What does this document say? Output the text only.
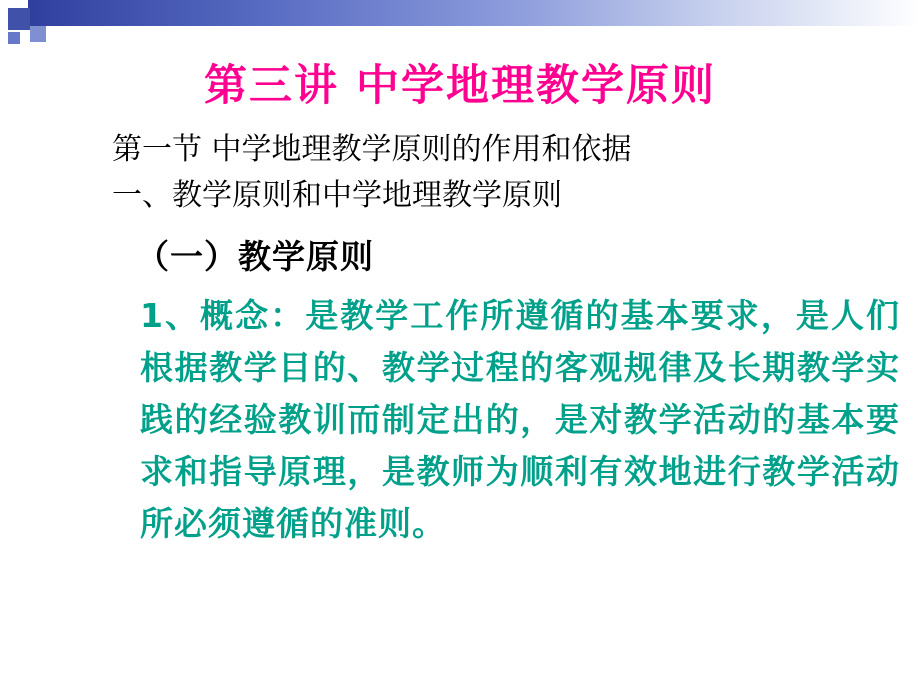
第三讲 中学地理教学原则
第一节 中学地理教学原则的作用和依据
一、教学原则和中学地理教学原则
（一）教学原则
1、概念：是教学工作所遵循的基本要求，是人们根据教学目的、教学过程的客观规律及长期教学实践的经验教训而制定出的，是对教学活动的基本要求和指导原理，是教师为顺利有效地进行教学活动所必须遵循的准则。
